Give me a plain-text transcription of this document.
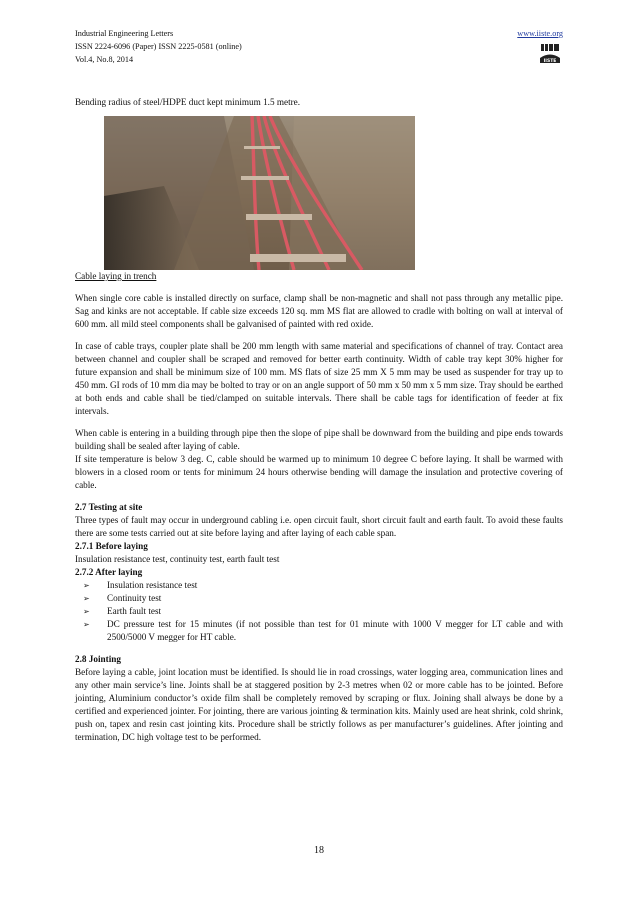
Industrial Engineering Letters
ISSN 2224-6096 (Paper) ISSN 2225-0581 (online)
Vol.4, No.8, 2014
www.iiste.org
IISTE

Bending radius of steel/HDPE duct kept minimum 1.5 metre.

Cable laying in trench

When single core cable is installed directly on surface, clamp shall be non-magnetic and shall not pass through any metallic pipe. Sag and kinks are not acceptable. If cable size exceeds 120 sq. mm MS flat are allowed to cradle with bolting on wall at interval of 600 mm. all mild steel components shall be galvanised of painted with red oxide.

In case of cable trays, coupler plate shall be 200 mm length with same material and specifications of channel of tray. Contact area between channel and coupler shall be scraped and removed for better earth continuity. Width of cable tray kept 30% higher for future expansion and shall be minimum size of 100 mm. MS flats of size 25 mm X 5 mm may be used as suspender for tray up to 450 mm. GI rods of 10 mm dia may be bolted to tray or on an angle support of 50 mm x 50 mm x 5 mm size. Tray should be earthed at both ends and cable shall be tied/clamped on suitable intervals. There shall be cable tags for identification of feeder at fix intervals.

When cable is entering in a building through pipe then the slope of pipe shall be downward from the building and pipe ends towards building shall be sealed after laying of cable.

If site temperature is below 3 deg. C, cable should be warmed up to minimum 10 degree C before laying. It shall be warmed with blowers in a closed room or tents for minimum 24 hours otherwise bending will damage the insulation and protective covering of cable.

2.7 Testing at site

Three types of fault may occur in underground cabling i.e. open circuit fault, short circuit fault and earth fault. To avoid these faults there are some tests carried out at site before laying and after laying of each cable span.

2.7.1 Before laying

Insulation resistance test, continuity test, earth fault test

2.7.2 After laying

➢ Insulation resistance test
➢ Continuity test
➢ Earth fault test
➢ DC pressure test for 15 minutes (if not possible than test for 01 minute with 1000 V megger for LT cable and with 2500/5000 V megger for HT cable.

2.8 Jointing

Before laying a cable, joint location must be identified. Is should lie in road crossings, water logging area, communication lines and any other main service’s line. Joints shall be at staggered position by 2-3 metres when 02 or more cable has to be jointed. Before jointing, Aluminium conductor’s oxide film shall be completely removed by scraping or flux. Joining shall always be done by a certified and experienced jointer. For jointing, there are various jointing & termination kits. Mainly used are heat shrink, cold shrink, push on, tapex and resin cast jointing kits. Procedure shall be strictly follows as per manufacturer’s guidelines. After jointing and termination, DC high voltage test to be performed.

18
